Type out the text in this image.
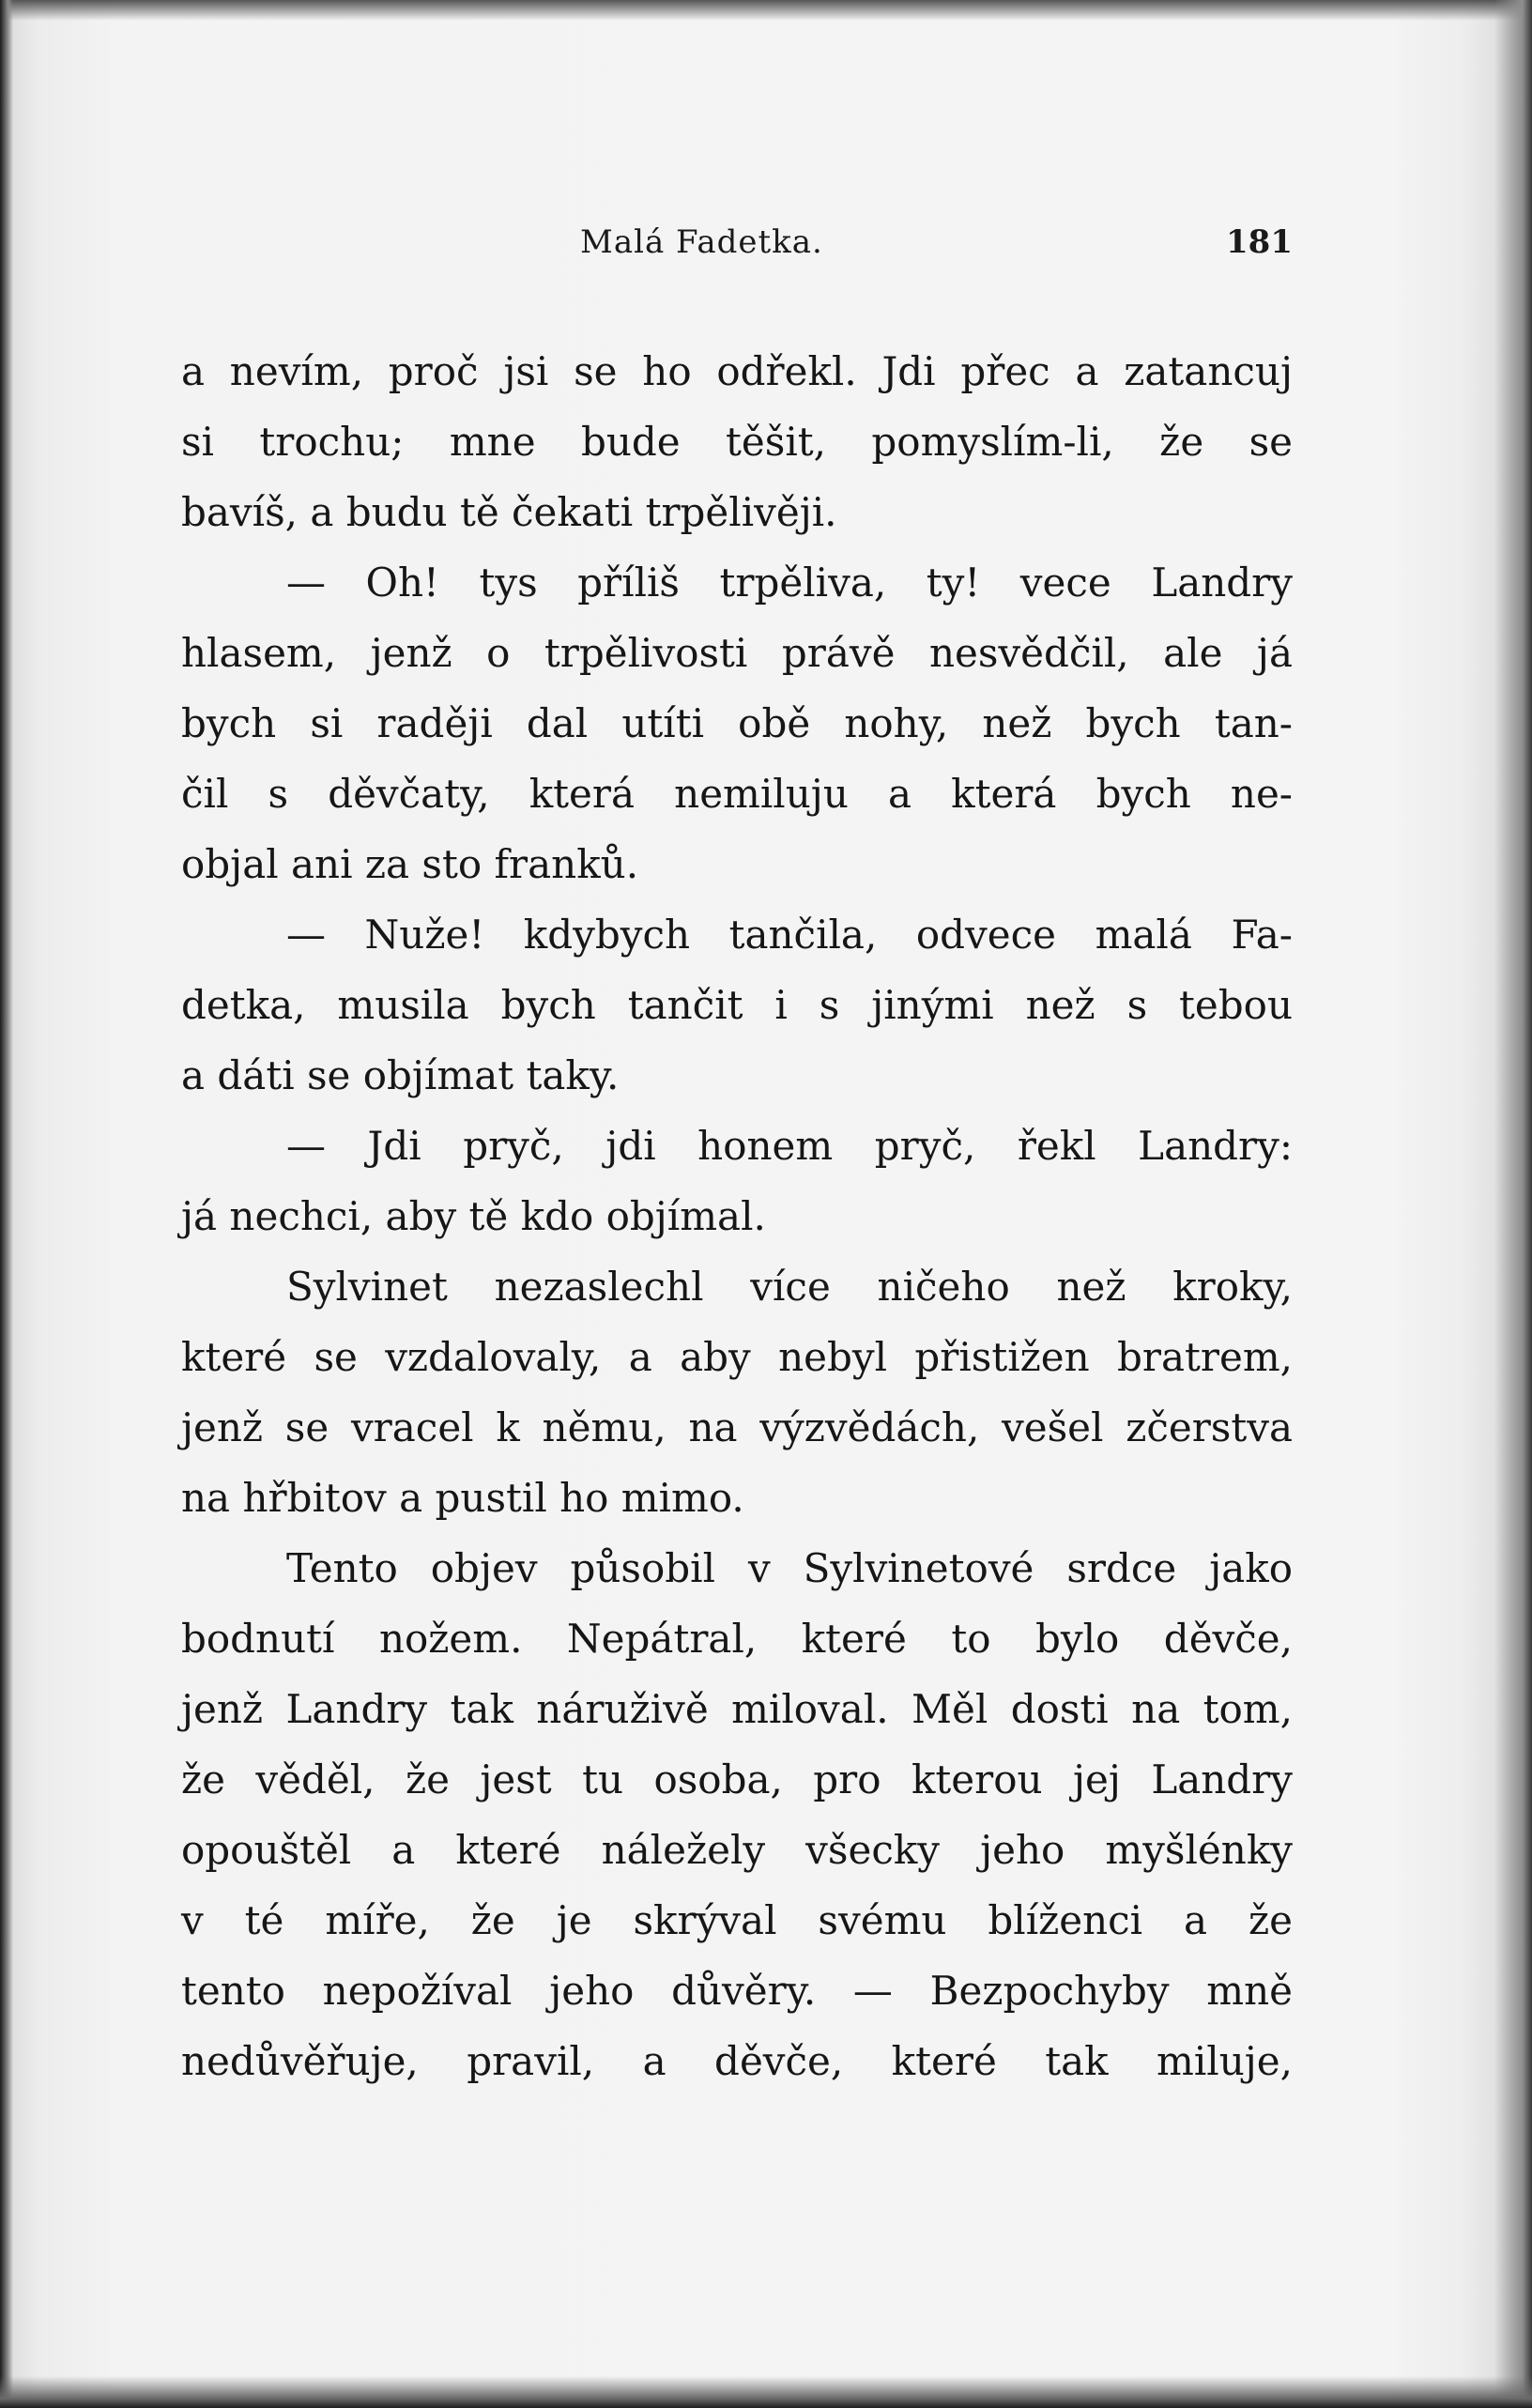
Malá Fadetka.	181
a nevím, proč jsi se ho odřekl. Jdi přec a zatancuj
si trochu; mne bude těšit, pomyslím-li, že se
bavíš, a budu tě čekati trpělivěji.
— Oh! tys příliš trpěliva, ty! vece Landry
hlasem, jenž o trpělivosti právě nesvědčil, ale já
bych si raději dal utíti obě nohy, než bych tan-
čil s děvčaty, která nemiluju a která bych ne-
objal ani za sto franků.
— Nuže! kdybych tančila, odvece malá Fa-
detka, musila bych tančit i s jinými než s tebou
a dáti se objímat taky.
— Jdi pryč, jdi honem pryč, řekl Landry:
já nechci, aby tě kdo objímal.
Sylvinet nezaslechl více ničeho než kroky,
které se vzdalovaly, a aby nebyl přistižen bratrem,
jenž se vracel k němu, na výzvědách, vešel zčerstva
na hřbitov a pustil ho mimo.
Tento objev působil v Sylvinetové srdce jako
bodnutí nožem. Nepátral, které to bylo děvče,
jenž Landry tak náruživě miloval. Měl dosti na tom,
že věděl, že jest tu osoba, pro kterou jej Landry
opouštěl a které náležely všecky jeho myšlénky
v té míře, že je skrýval svému blíženci a že
tento nepožíval jeho důvěry. — Bezpochyby mně
nedůvěřuje, pravil, a děvče, které tak miluje,
